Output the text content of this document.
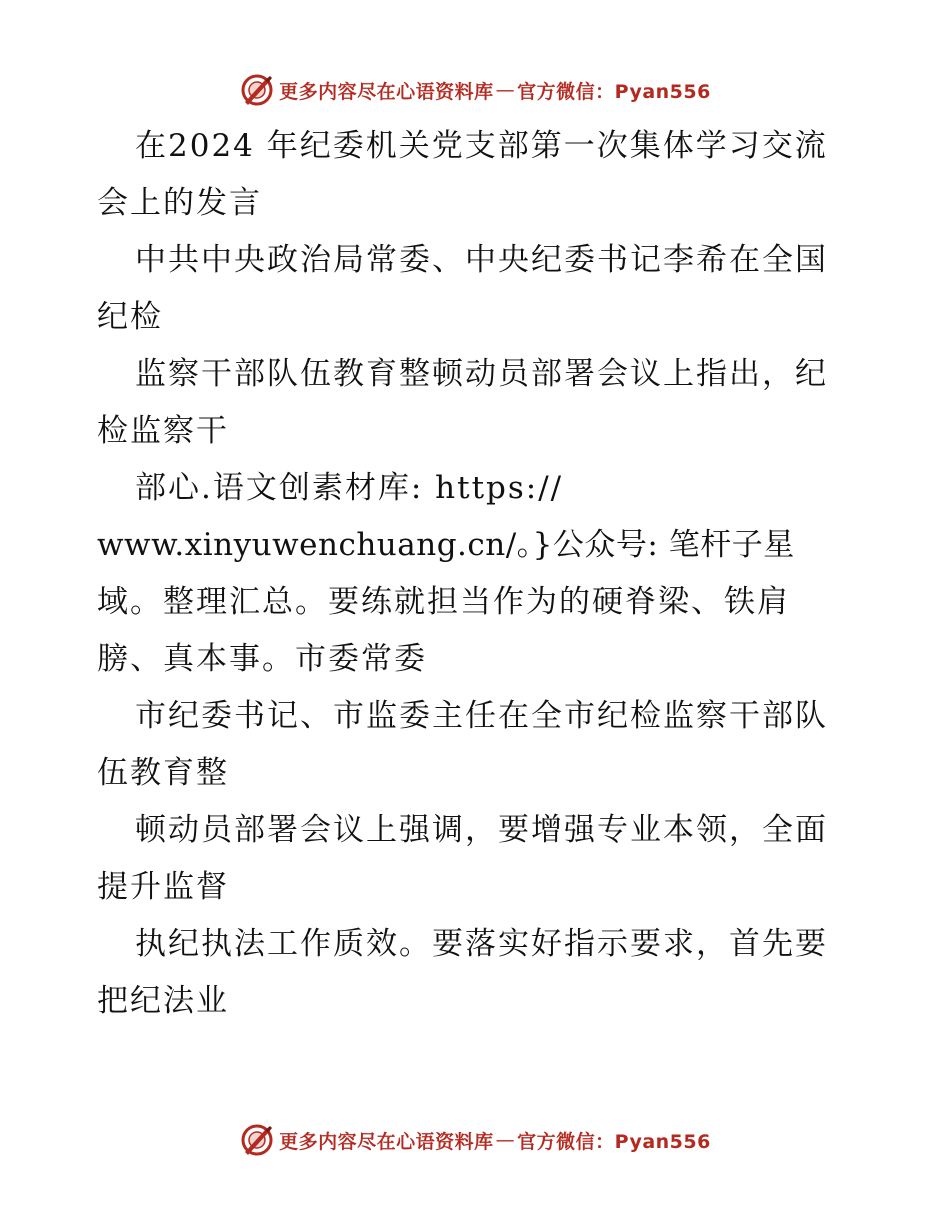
更多内容尽在心语资料库 — 官方微信：Pyan556
在2024 年纪委机关党支部第一次集体学习交流
会上的发言
中共中央政治局常委、中央纪委书记李希在全国
纪检
监察干部队伍教育整顿动员部署会议上指出，纪
检监察干
部心.语文创素材库: https://
www.xinyuwenchuang.cn/。}公众号: 笔杆子星
域。整理汇总。要练就担当作为的硬脊梁、铁肩
膀、真本事。市委常委
市纪委书记、市监委主任在全市纪检监察干部队
伍教育整
顿动员部署会议上强调，要增强专业本领，全面
提升监督
执纪执法工作质效。要落实好指示要求，首先要
把纪法业
更多内容尽在心语资料库 — 官方微信：Pyan556
